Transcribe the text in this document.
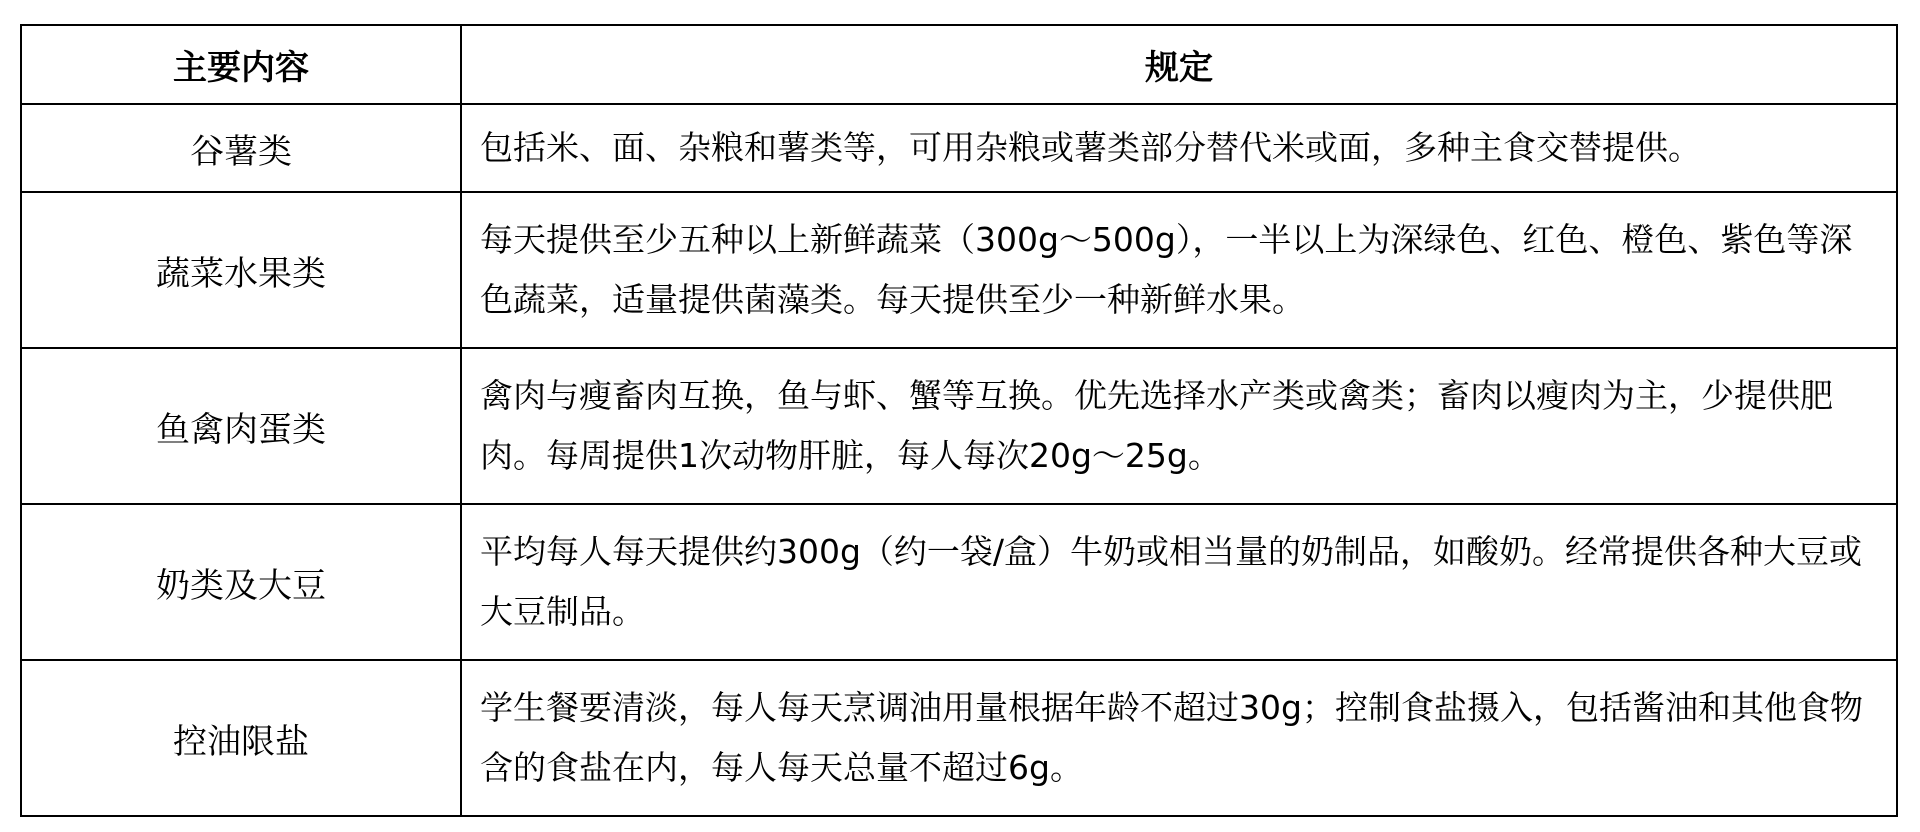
主要内容	规定
谷薯类	包括米、面、杂粮和薯类等，可用杂粮或薯类部分替代米或面，多种主食交替提供。
蔬菜水果类	每天提供至少五种以上新鲜蔬菜（300g～500g），一半以上为深绿色、红色、橙色、紫色等深色蔬菜，适量提供菌藻类。每天提供至少一种新鲜水果。
鱼禽肉蛋类	禽肉与瘦畜肉互换，鱼与虾、蟹等互换。优先选择水产类或禽类；畜肉以瘦肉为主，少提供肥肉。每周提供1次动物肝脏，每人每次20g～25g。
奶类及大豆	平均每人每天提供约300g（约一袋/盒）牛奶或相当量的奶制品，如酸奶。经常提供各种大豆或大豆制品。
控油限盐	学生餐要清淡，每人每天烹调油用量根据年龄不超过30g；控制食盐摄入，包括酱油和其他食物含的食盐在内，每人每天总量不超过6g。
